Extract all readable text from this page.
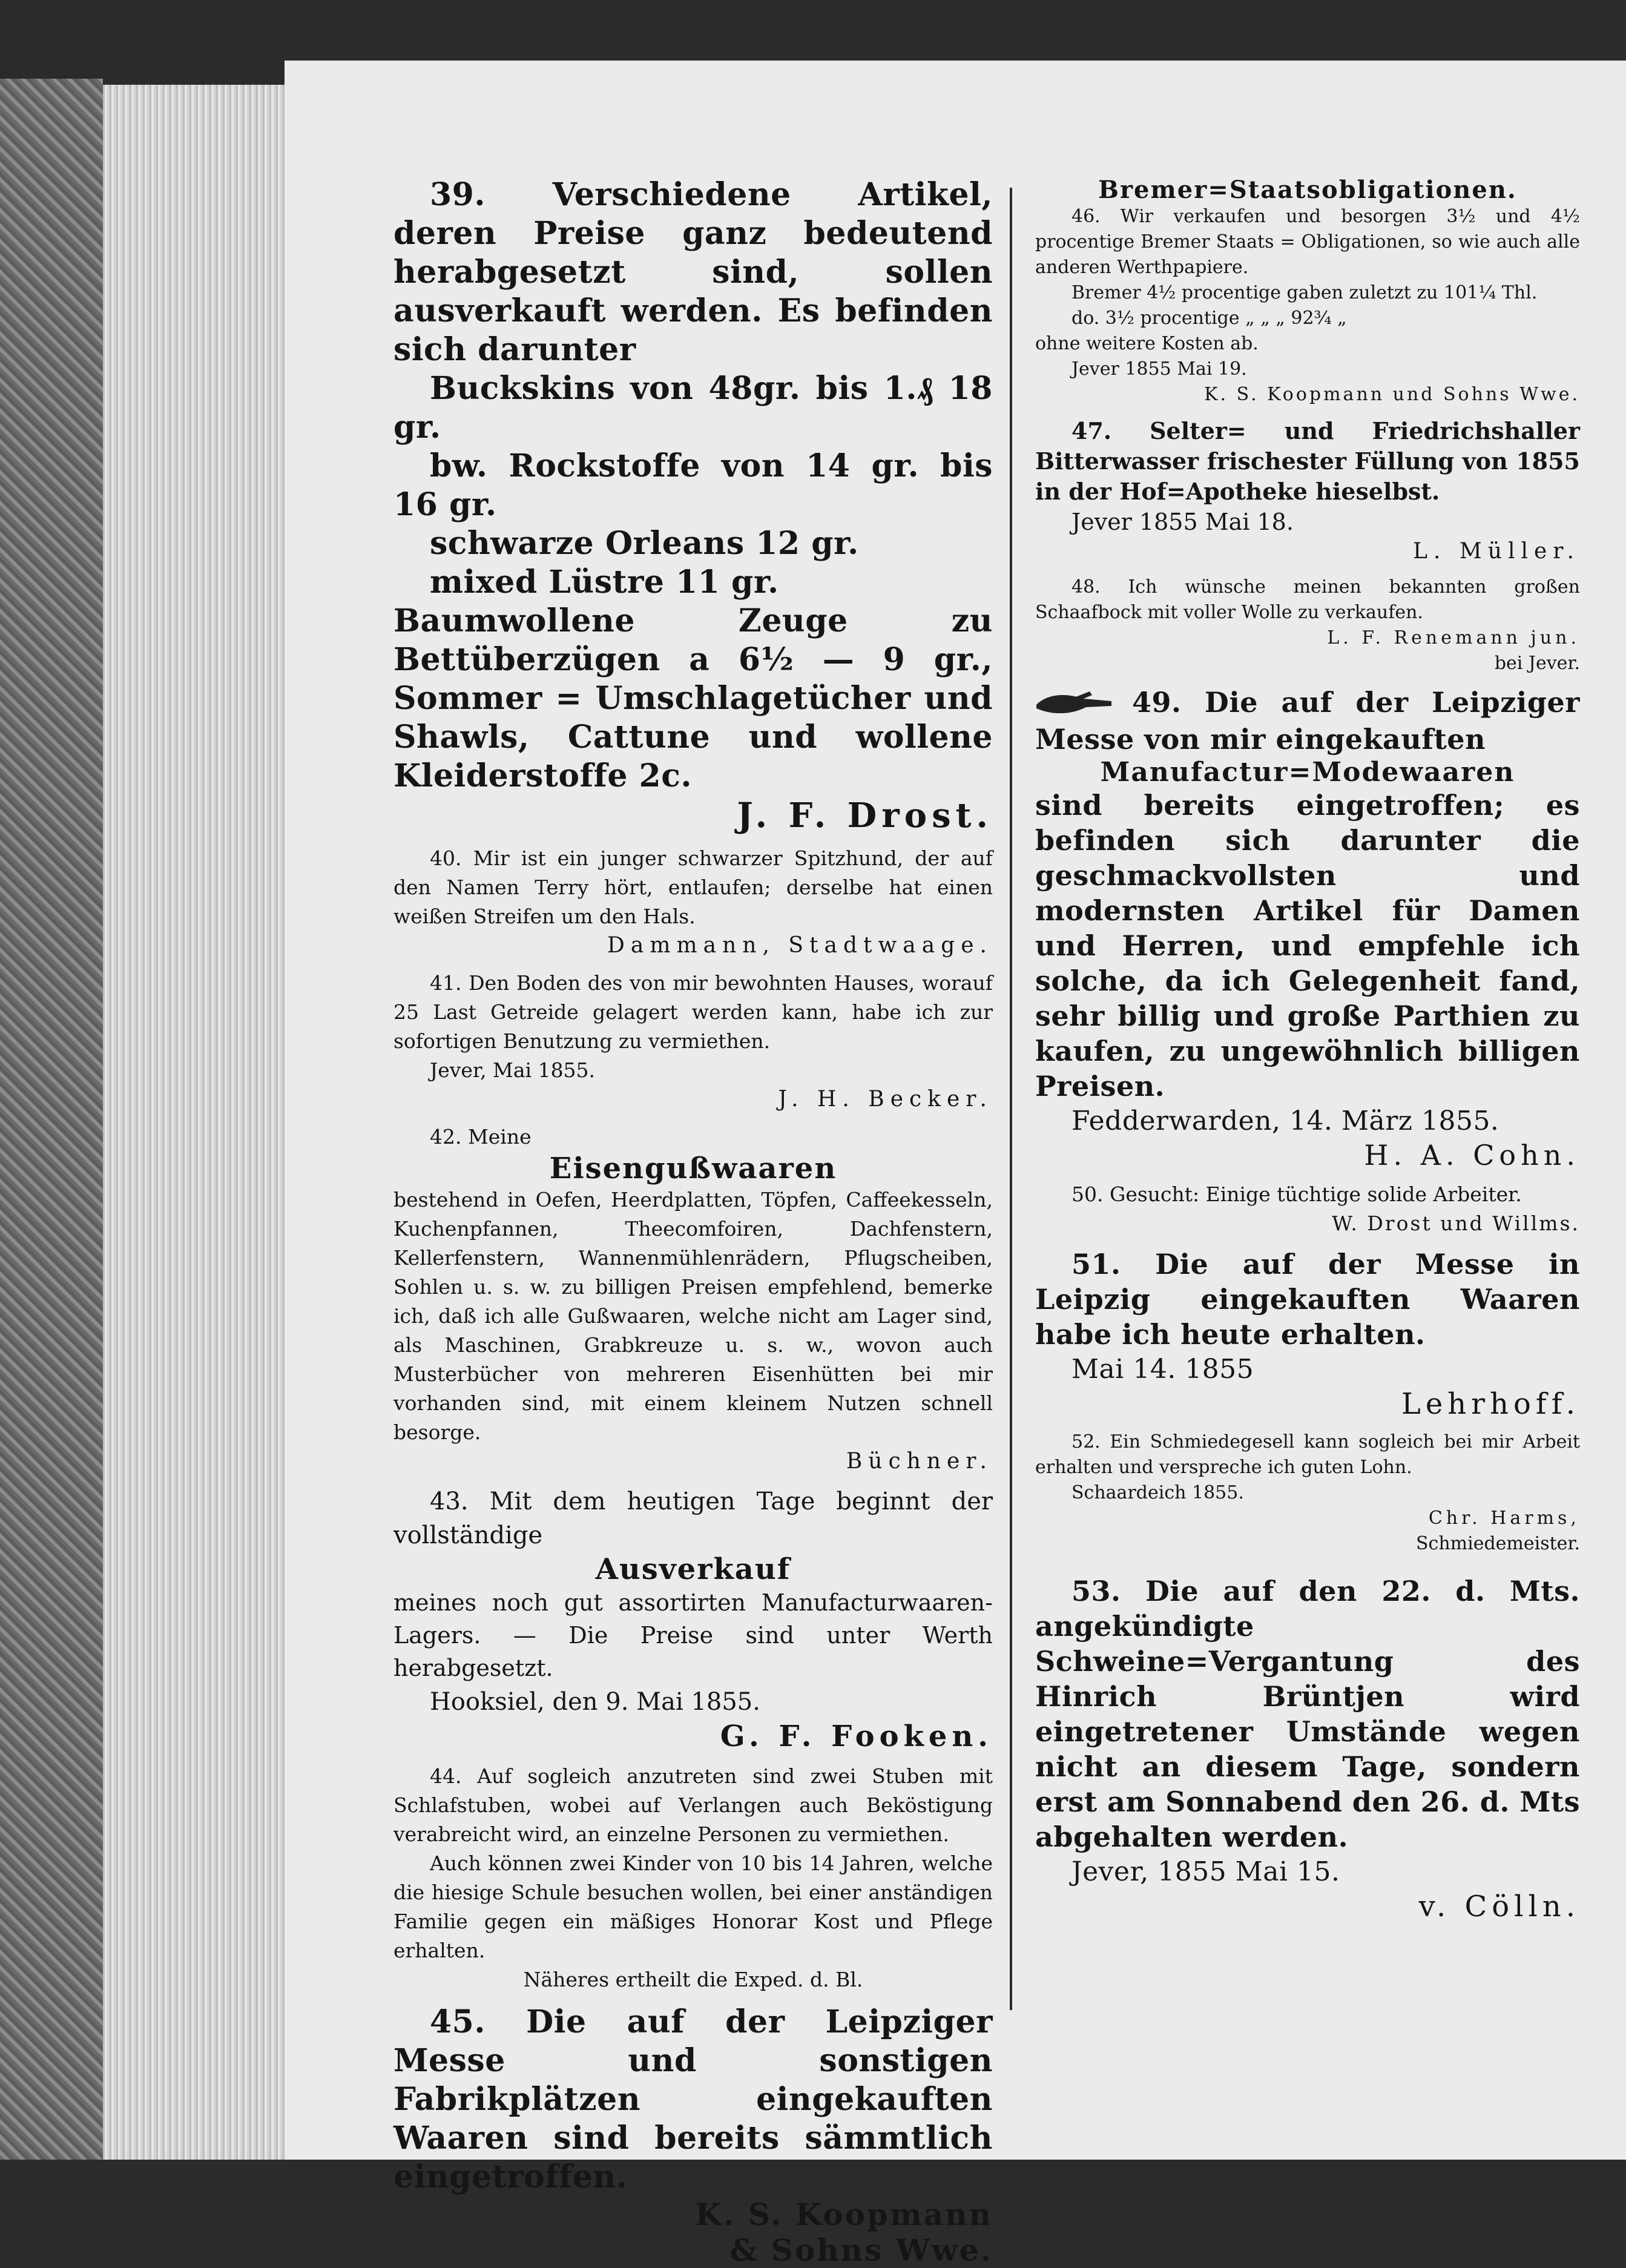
39. Verschiedene Artikel, deren Preise ganz bedeutend herabgesetzt sind, sollen ausverkauft werden. Es befinden sich darunter
Buckskins von 48gr. bis 1.₰ 18 gr.
bw. Rockstoffe von 14 gr. bis 16 gr.
schwarze Orleans 12 gr.
mixed Lüstre 11 gr.
Baumwollene Zeuge zu Bettüberzügen a 6½ — 9 gr., Sommer = Umschlagetücher und Shawls, Cattune und wollene Kleiderstoffe 2c.
J. F. Drost.
40. Mir ist ein junger schwarzer Spitzhund, der auf den Namen Terry hört, entlaufen; derselbe hat einen weißen Streifen um den Hals.
Dammann, Stadtwaage.
41. Den Boden des von mir bewohnten Hauses, worauf 25 Last Getreide gelagert werden kann, habe ich zur sofortigen Benutzung zu vermiethen.
Jever, Mai 1855.
J. H. Becker.
42. Meine
Eisengußwaaren
bestehend in Oefen, Heerdplatten, Töpfen, Caffeekesseln, Kuchenpfannen, Theecomfoiren, Dachfenstern, Kellerfenstern, Wannenmühlenrädern, Pflugscheiben, Sohlen u. s. w. zu billigen Preisen empfehlend, bemerke ich, daß ich alle Gußwaaren, welche nicht am Lager sind, als Maschinen, Grabkreuze u. s. w., wovon auch Musterbücher von mehreren Eisenhütten bei mir vorhanden sind, mit einem kleinem Nutzen schnell besorge.
Büchner.
43. Mit dem heutigen Tage beginnt der vollständige
Ausverkauf
meines noch gut assortirten Manufacturwaaren-Lagers. — Die Preise sind unter Werth herabgesetzt.
Hooksiel, den 9. Mai 1855.
G. F. Fooken.
44. Auf sogleich anzutreten sind zwei Stuben mit Schlafstuben, wobei auf Verlangen auch Beköstigung verabreicht wird, an einzelne Personen zu vermiethen.
Auch können zwei Kinder von 10 bis 14 Jahren, welche die hiesige Schule besuchen wollen, bei einer anständigen Familie gegen ein mäßiges Honorar Kost und Pflege erhalten.
Näheres ertheilt die Exped. d. Bl.
45. Die auf der Leipziger Messe und sonstigen Fabrikplätzen eingekauften Waaren sind bereits sämmtlich eingetroffen.
K. S. Koopmann
& Sohns Wwe.
Bremer=Staatsobligationen.
46. Wir verkaufen und besorgen 3½ und 4½ procentige Bremer Staats = Obligationen, so wie auch alle anderen Werthpapiere.
Bremer 4½ procentige gaben zuletzt zu 101¼ Thl.
do. 3½ procentige „ „ „ 92¾ „
ohne weitere Kosten ab.
Jever 1855 Mai 19.
K. S. Koopmann und Sohns Wwe.
47. Selter= und Friedrichshaller Bitterwasser frischester Füllung von 1855 in der Hof=Apotheke hieselbst.
Jever 1855 Mai 18.
L. Müller.
48. Ich wünsche meinen bekannten großen Schaafbock mit voller Wolle zu verkaufen.
L. F. Renemann jun.
bei Jever.
49. Die auf der Leipziger Messe von mir eingekauften
Manufactur=Modewaaren
sind bereits eingetroffen; es befinden sich darunter die geschmackvollsten und modernsten Artikel für Damen und Herren, und empfehle ich solche, da ich Gelegenheit fand, sehr billig und große Parthien zu kaufen, zu ungewöhnlich billigen Preisen.
Fedderwarden, 14. März 1855.
H. A. Cohn.
50. Gesucht: Einige tüchtige solide Arbeiter.
W. Drost und Willms.
51. Die auf der Messe in Leipzig eingekauften Waaren habe ich heute erhalten.
Mai 14. 1855
Lehrhoff.
52. Ein Schmiedegesell kann sogleich bei mir Arbeit erhalten und verspreche ich guten Lohn.
Schaardeich 1855.
Chr. Harms,
Schmiedemeister.
53. Die auf den 22. d. Mts. angekündigte Schweine=Vergantung des Hinrich Brüntjen wird eingetretener Umstände wegen nicht an diesem Tage, sondern erst am Sonnabend den 26. d. Mts abgehalten werden.
Jever, 1855 Mai 15.
v. Cölln.
